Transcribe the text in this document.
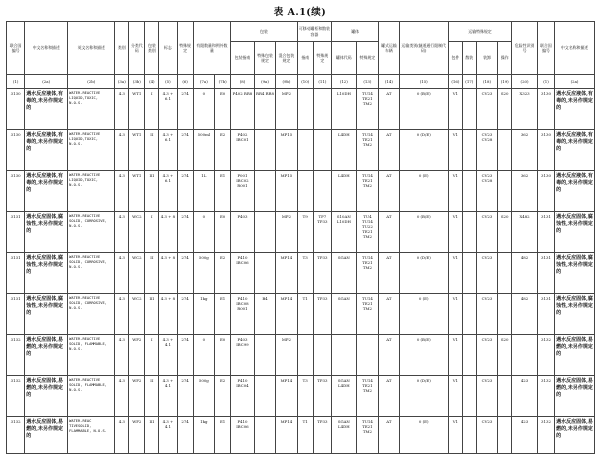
表 A.1(续)
联合国编号	中文名称和描述	英文名称和描述	类别	分类代码	包装类别	标志	特殊规定	有限数量和例外数量		包装			可移动罐柜和散装容器		罐体		罐式运输车辆	运输类别(隧道通行限制代码)	运输特殊规定				危险性识别号	联合国编号	中文名称和描述
										包装指南	特殊包装规定	混合包装规定	指南	特殊规定	罐体代码	特殊规定			包件	散装	装卸	操作			
(1)	(2a)	(2b)	(3a)	(3b)	(4)	(5)	(6)	(7a)	(7b)	(8)	(9a)	(9b)	(10)	(11)	(12)	(13)	(14)	(15)	(16)	(17)	(18)	(19)	(20)	(1)	(2a)
3130	遇水反应液体,有毒的,未另作规定的	WATER-REACTIVE LIQUID,TOXIC, N.O.S.	4.3	WT1	I	4.3 + 6.1	274	0	E0	P402 RR8	RR4 RR8	MP2			L10DH	TU14 TE21 TM2	AT	0 (B/E)	V1		CV23	S20	X323	3130	遇水反应液体,有毒的,未另作规定的
3130	遇水反应液体,有毒的,未另作规定的	WATER-REACTIVE LIQUID,TOXIC, N.O.S.	4.3	WT1	II	4.3 + 6.1	274	500ml	E2	P402 IBC01		MP15			L4DH	TU14 TE21 TM2	AT	0 (D/E)	V1		CV23 CV28		362	3130	遇水反应液体,有毒的,未另作规定的
3130	遇水反应液体,有毒的,未另作规定的	WATER-REACTIVE LIQUID,TOXIC, N.O.S.	4.3	WT1	III	4.3 + 6.1	274	1L	E1	P001 IBC02 R001		MP15			L4DH	TU14 TE21 TM2	AT	0 (E)	V1		CV23 CV28		362	3130	遇水反应液体,有毒的,未另作规定的
3131	遇水反应固体,腐蚀性,未另作规定的	WATER-REACTIVE SOLID, CORROSIVE, N.O.S.	4.3	WC2	I	4.3 + 8	274	0	E0	P403		MP2	T9	TP7 TP33	S10AN L10DH	TU4 TU14 TU22 TE21 TM2	AT	0 (B/E)	V1		CV23	S20	X482	3131	遇水反应固体,腐蚀性,未另作规定的
3131	遇水反应固体,腐蚀性,未另作规定的	WATER-REACTIVE SOLID, CORROSIVE, N.O.S.	4.3	WC2	II	4.3 + 8	274	500g	E2	P410 IBC06		MP14	T3	TP33	SGAN	TU14 TE21 TM2	AT	0 (D/E)	V1		CV23		482	3131	遇水反应固体,腐蚀性,未另作规定的
3131	遇水反应固体,腐蚀性,未另作规定的	WATER-REACTIVE SOLID, CORROSIVE, N.O.S.	4.3	WC2	III	4.3 + 8	274	1kg	E1	P410 IBC08 R001	B4	MP14	T1	TP33	SGAN	TU14 TE21 TM2	AT	0 (E)	V1		CV23		482	3131	遇水反应固体,腐蚀性,未另作规定的
3132	遇水反应固体,易燃的,未另作规定的	WATER-REACTIVE SOLID, FLAMMABLE, N.O.S.	4.3	WF2	I	4.3 + 4.1	274	0	E0	P403 IBC99		MP2					AT	0 (B/E)	V1		CV23	S20		3132	遇水反应固体,易燃的,未另作规定的
3132	遇水反应固体,易燃的,未另作规定的	WATER-REACTIVE SOLID, FLAMMABLE, N.O.S.	4.3	WF2	II	4.3 + 4.1	274	500g	E2	P410 IBC04		MP14	T3	TP33	SGAN L4DH	TU14 TE21 TM2	AT	0 (D/E)	V1		CV23		423	3132	遇水反应固体,易燃的,未另作规定的
3132	遇水反应固体,易燃的,未另作规定的	WATER-REAC TIVESOLID, FLAMMABLE, N.O.S.	4.3	WF2	III	4.3 + 4.1	274	1kg	E1	P410 IBC06		MP14	T1	TP33	SGAN L4DH	TU14 TE21 TM2	AT	0 (E)	V1		CV23		423	3132	遇水反应固体,易燃的,未另作规定的
